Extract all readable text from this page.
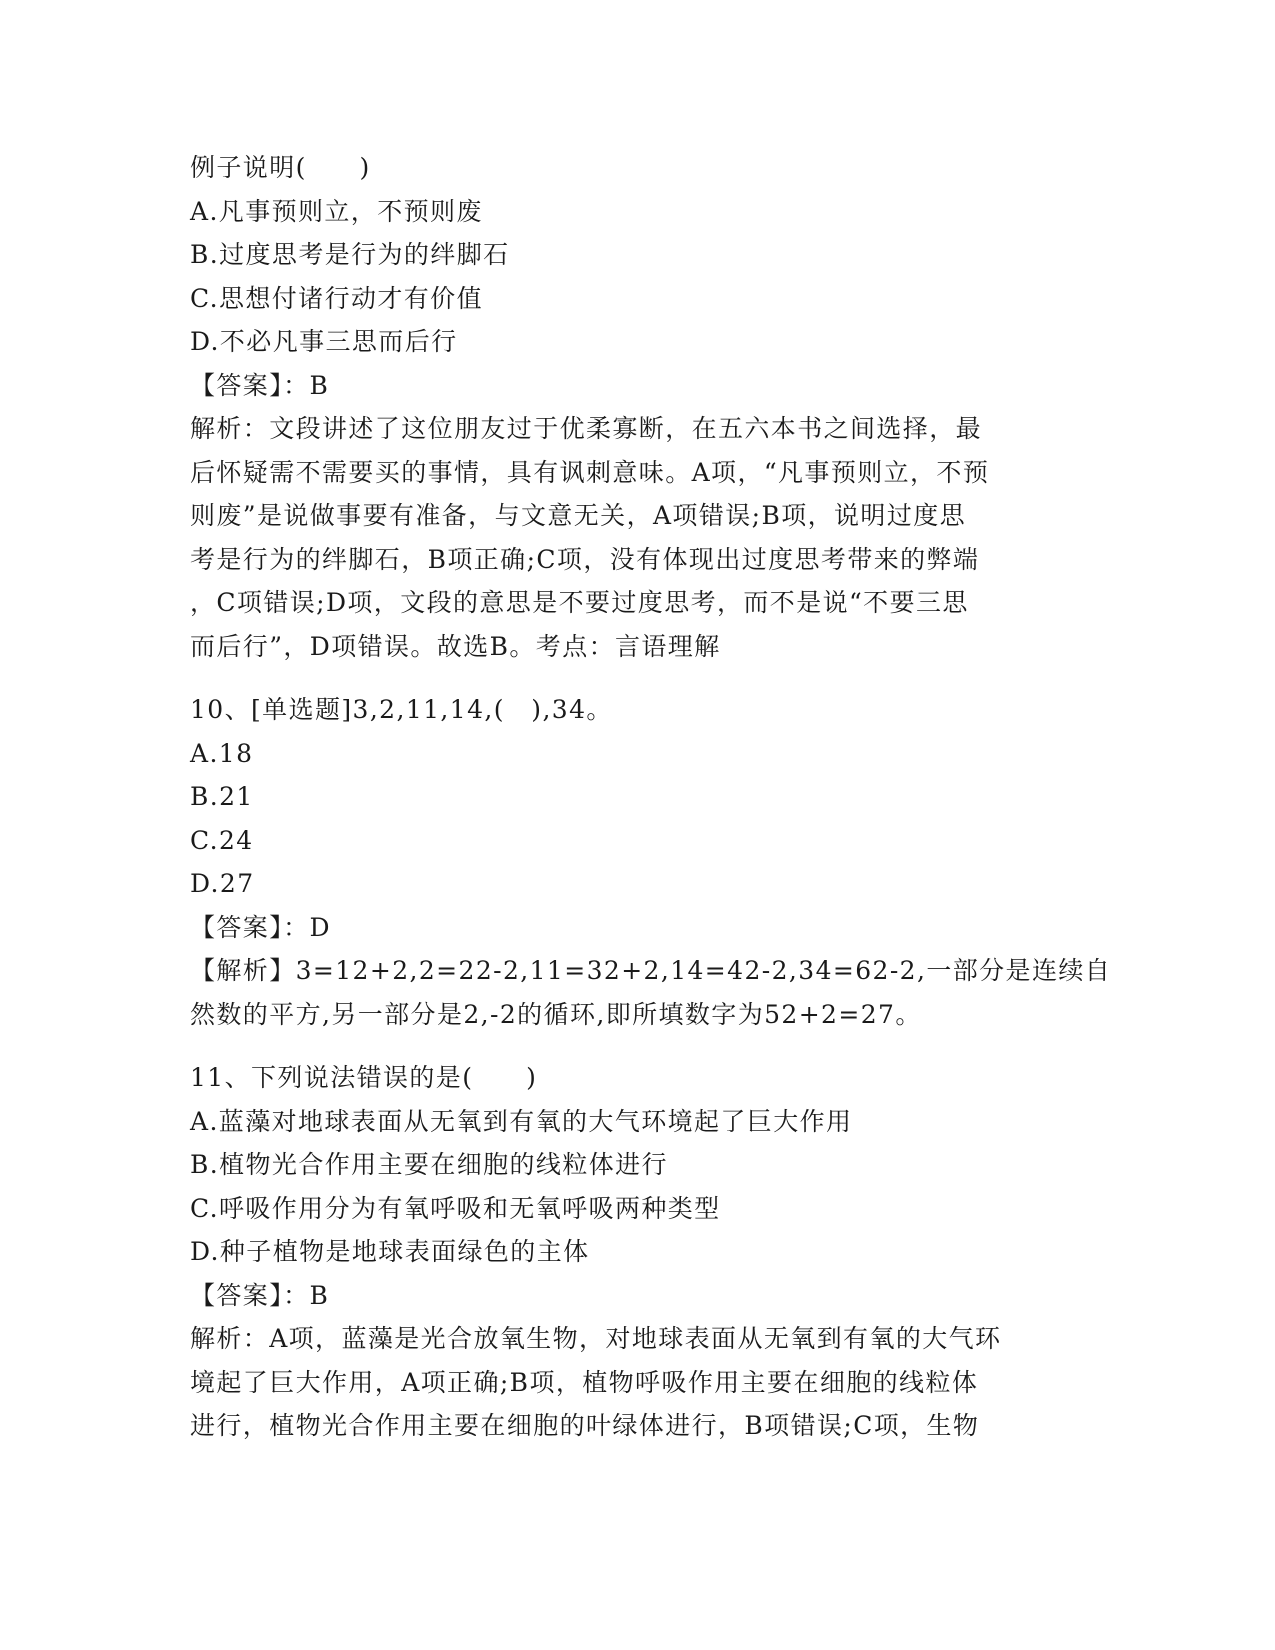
例子说明(　　)
A.凡事预则立，不预则废
B.过度思考是行为的绊脚石
C.思想付诸行动才有价值
D.不必凡事三思而后行
【答案】：B
解析：文段讲述了这位朋友过于优柔寡断，在五六本书之间选择，最
后怀疑需不需要买的事情，具有讽刺意味。A项，“凡事预则立，不预
则废”是说做事要有准备，与文意无关，A项错误;B项，说明过度思
考是行为的绊脚石，B项正确;C项，没有体现出过度思考带来的弊端
，C项错误;D项，文段的意思是不要过度思考，而不是说“不要三思
而后行”，D项错误。故选B。考点：言语理解
10、[单选题]3,2,11,14,(　),34。
A.18
B.21
C.24
D.27
【答案】：D
【解析】3=12+2,2=22-2,11=32+2,14=42-2,34=62-2,一部分是连续自
然数的平方,另一部分是2,-2的循环,即所填数字为52+2=27。
11、下列说法错误的是(　　)
A.蓝藻对地球表面从无氧到有氧的大气环境起了巨大作用
B.植物光合作用主要在细胞的线粒体进行
C.呼吸作用分为有氧呼吸和无氧呼吸两种类型
D.种子植物是地球表面绿色的主体
【答案】：B
解析：A项，蓝藻是光合放氧生物，对地球表面从无氧到有氧的大气环
境起了巨大作用，A项正确;B项，植物呼吸作用主要在细胞的线粒体
进行，植物光合作用主要在细胞的叶绿体进行，B项错误;C项，生物
